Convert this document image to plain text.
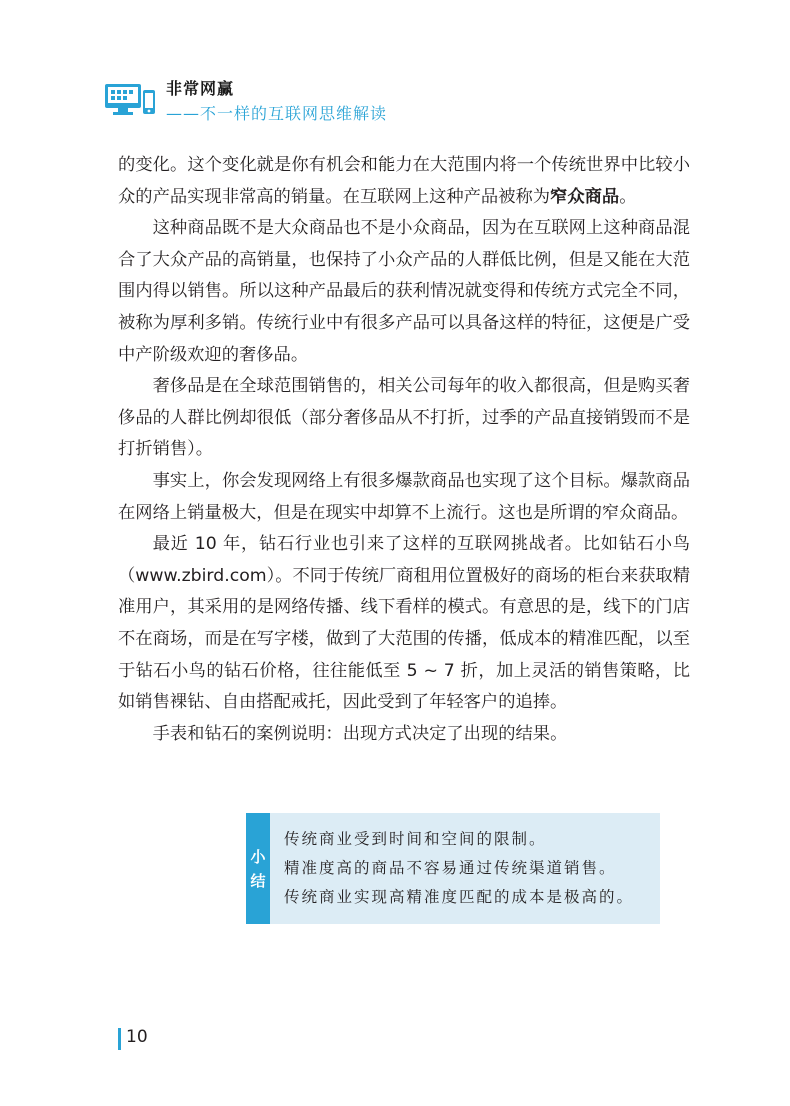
非常网赢
——不一样的互联网思维解读

的变化。这个变化就是你有机会和能力在大范围内将一个传统世界中比较小众的产品实现非常高的销量。在互联网上这种产品被称为窄众商品。

这种商品既不是大众商品也不是小众商品，因为在互联网上这种商品混合了大众产品的高销量，也保持了小众产品的人群低比例，但是又能在大范围内得以销售。所以这种产品最后的获利情况就变得和传统方式完全不同，被称为厚利多销。传统行业中有很多产品可以具备这样的特征，这便是广受中产阶级欢迎的奢侈品。

奢侈品是在全球范围销售的，相关公司每年的收入都很高，但是购买奢侈品的人群比例却很低（部分奢侈品从不打折，过季的产品直接销毁而不是打折销售）。

事实上，你会发现网络上有很多爆款商品也实现了这个目标。爆款商品在网络上销量极大，但是在现实中却算不上流行。这也是所谓的窄众商品。

最近 10 年，钻石行业也引来了这样的互联网挑战者。比如钻石小鸟（www.zbird.com）。不同于传统厂商租用位置极好的商场的柜台来获取精准用户，其采用的是网络传播、线下看样的模式。有意思的是，线下的门店不在商场，而是在写字楼，做到了大范围的传播，低成本的精准匹配，以至于钻石小鸟的钻石价格，往往能低至 5 ~ 7 折，加上灵活的销售策略，比如销售裸钻、自由搭配戒托，因此受到了年轻客户的追捧。

手表和钻石的案例说明：出现方式决定了出现的结果。

小
结
传统商业受到时间和空间的限制。
精准度高的商品不容易通过传统渠道销售。
传统商业实现高精准度匹配的成本是极高的。
10
